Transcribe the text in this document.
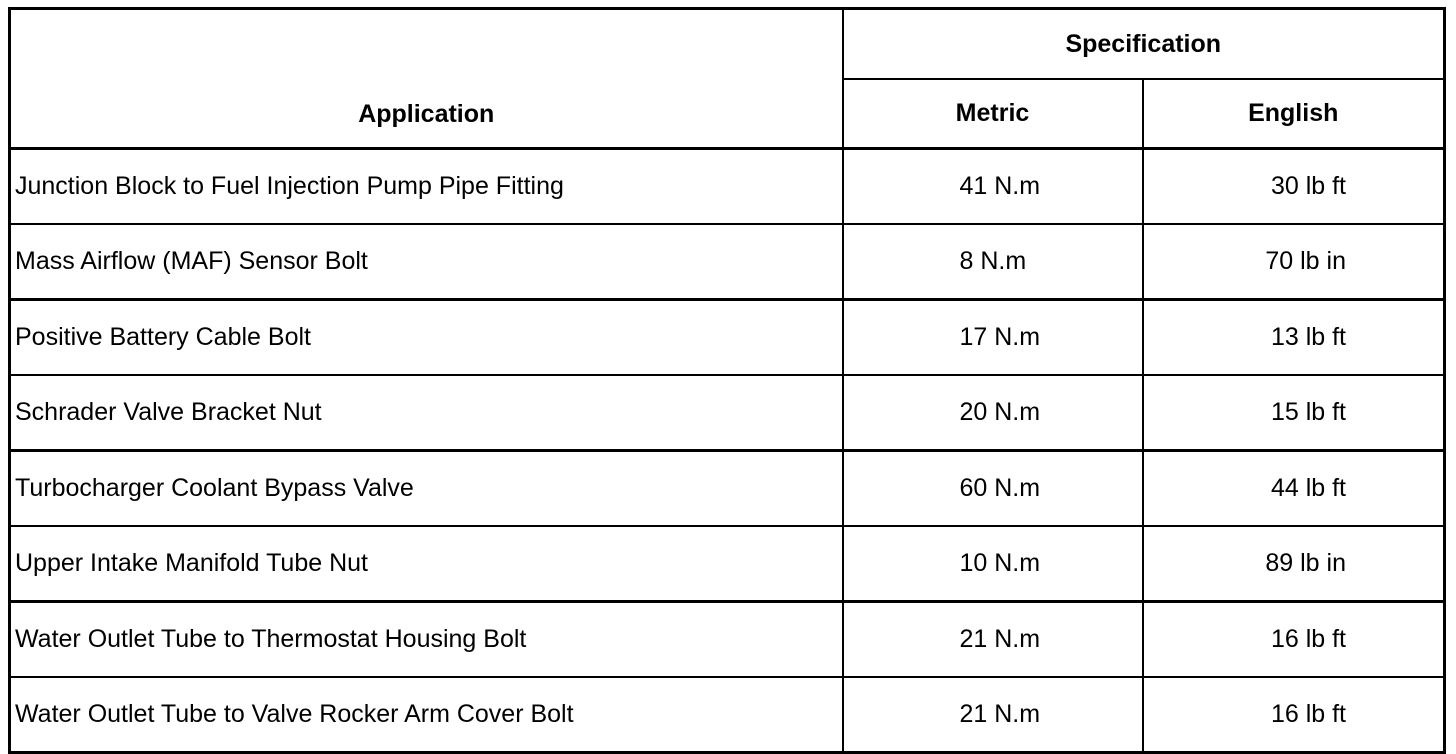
Application	Specification	
	Metric	English
Junction Block to Fuel Injection Pump Pipe Fitting	41 N.m	30 lb ft
Mass Airflow (MAF) Sensor Bolt	8 N.m	70 lb in
Positive Battery Cable Bolt	17 N.m	13 lb ft
Schrader Valve Bracket Nut	20 N.m	15 lb ft
Turbocharger Coolant Bypass Valve	60 N.m	44 lb ft
Upper Intake Manifold Tube Nut	10 N.m	89 lb in
Water Outlet Tube to Thermostat Housing Bolt	21 N.m	16 lb ft
Water Outlet Tube to Valve Rocker Arm Cover Bolt	21 N.m	16 lb ft
